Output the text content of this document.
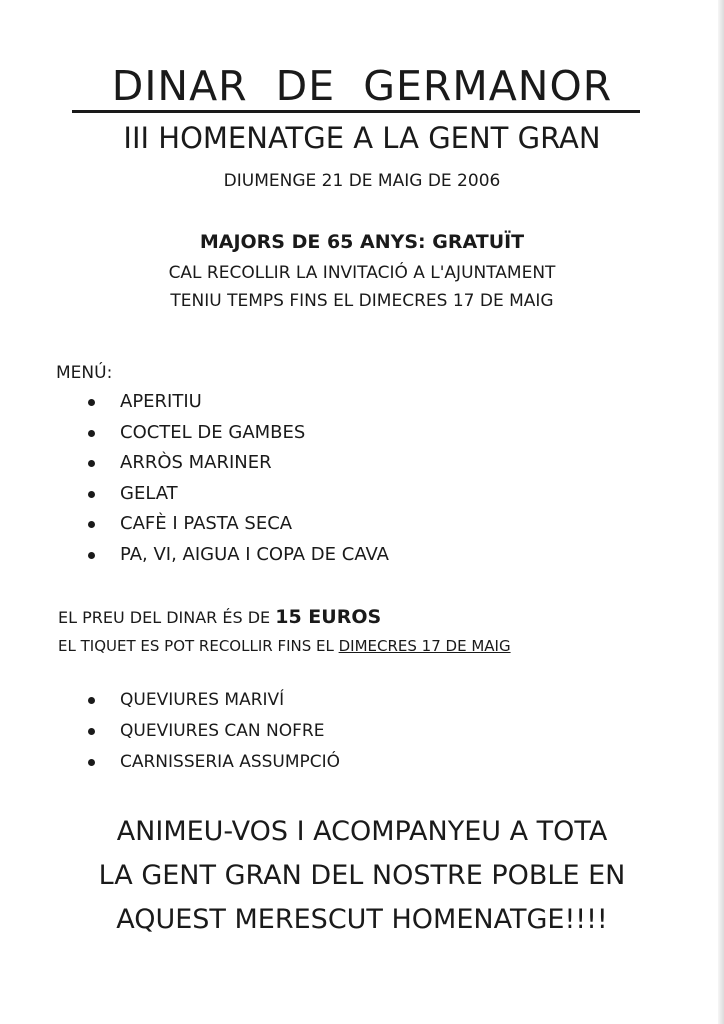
DINAR  DE  GERMANOR
III HOMENATGE A LA GENT GRAN
DIUMENGE 21 DE MAIG DE 2006
MAJORS DE 65 ANYS: GRATUÏT
CAL RECOLLIR LA INVITACIÓ A L'AJUNTAMENT
TENIU TEMPS FINS EL DIMECRES 17 DE MAIG
MENÚ:
APERITIU
COCTEL DE GAMBES
ARRÒS MARINER
GELAT
CAFÈ I PASTA SECA
PA, VI, AIGUA I COPA DE CAVA
EL PREU DEL DINAR ÉS DE 15 EUROS
EL TIQUET ES POT RECOLLIR FINS EL DIMECRES 17 DE MAIG
QUEVIURES MARIVÍ
QUEVIURES CAN NOFRE
CARNISSERIA ASSUMPCIÓ
ANIMEU-VOS I ACOMPANYEU A TOTA
LA GENT GRAN DEL NOSTRE POBLE EN
AQUEST MERESCUT HOMENATGE!!!!
